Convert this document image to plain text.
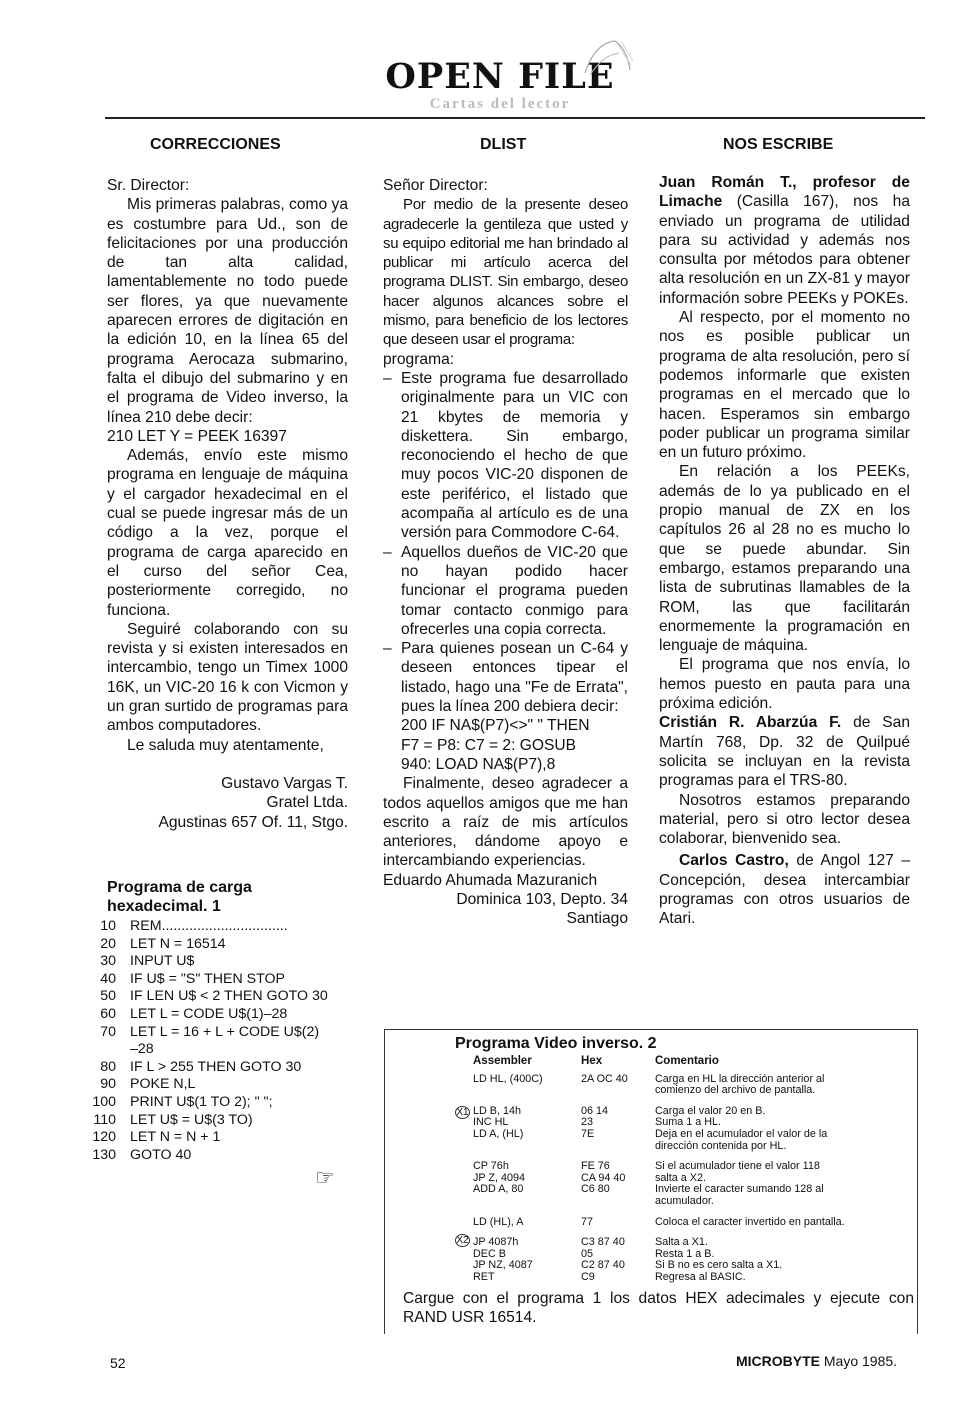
OPEN FILE
Cartas del lector
CORRECCIONES

Sr. Director:

Mis primeras palabras, como ya es costumbre para Ud., son de felicitaciones por una producción de tan alta calidad, lamentablemente no todo puede ser flores, ya que nuevamente aparecen errores de digitación en la edición 10, en la línea 65 del programa Aerocaza submarino, falta el dibujo del submarino y en el programa de Video inverso, la línea 210 debe decir:

210 LET Y = PEEK 16397

Además, envío este mismo programa en lenguaje de máquina y el cargador hexadecimal en el cual se puede ingresar más de un código a la vez, porque el programa de carga aparecido en el curso del señor Cea, posteriormente corregido, no funciona.

Seguiré colaborando con su revista y si existen interesados en intercambio, tengo un Timex 1000 16K, un VIC-20 16 k con Vicmon y un gran surtido de programas para ambos computadores.

Le saluda muy atentamente,

Gustavo Vargas T.

Gratel Ltda.

Agustinas 657 Of. 11, Stgo.

Programa de carga hexadecimal. 1
10 REM................................
20 LET N = 16514
30 INPUT U$
40 IF U$ = "S" THEN STOP
50 IF LEN U$ < 2 THEN GOTO 30
60 LET L = CODE U$(1)–28
70 LET L = 16 + L + CODE U$(2)
–28
80 IF L > 255 THEN GOTO 30
90 POKE N,L
100 PRINT U$(1 TO 2); " ";
110 LET U$ = U$(3 TO)
120 LET N = N + 1
130 GOTO 40
☞
DLIST

Señor Director:

Por medio de la presente deseo agradecerle la gentileza que usted y su equipo editorial me han brindado al publicar mi artículo acerca del programa DLIST. Sin embargo, deseo hacer algunos alcances sobre el mismo, para beneficio de los lectores que deseen usar el programa:

programa:

– Este programa fue desarrollado originalmente para un VIC con 21 kbytes de memoria y diskettera. Sin embargo, reconociendo el hecho de que muy pocos VIC-20 disponen de este periférico, el listado que acompaña al artículo es de una versión para Commodore C-64.
– Aquellos dueños de VIC-20 que no hayan podido hacer funcionar el programa pueden tomar contacto conmigo para ofrecerles una copia correcta.
– Para quienes posean un C-64 y deseen entonces tipear el listado, hago una "Fe de Errata", pues la línea 200 debiera decir:

200 IF NA$(P7)<>" " THEN

F7 = P8: C7 = 2: GOSUB

940: LOAD NA$(P7),8

Finalmente, deseo agradecer a todos aquellos amigos que me han escrito a raíz de mis artículos anteriores, dándome apoyo e intercambiando experiencias.

Eduardo Ahumada Mazuranich

Dominica 103, Depto. 34

Santiago

NOS ESCRIBE

Juan Román T., profesor de Limache (Casilla 167), nos ha enviado un programa de utilidad para su actividad y además nos consulta por métodos para obtener alta resolución en un ZX-81 y mayor información sobre PEEKs y POKEs.

Al respecto, por el momento no nos es posible publicar un programa de alta resolución, pero sí podemos informarle que existen programas en el mercado que lo hacen. Esperamos sin embargo poder publicar un programa similar en un futuro próximo.

En relación a los PEEKs, además de lo ya publicado en el propio manual de ZX en los capítulos 26 al 28 no es mucho lo que se puede abundar. Sin embargo, estamos preparando una lista de subrutinas llamables de la ROM, las que facilitarán enormemente la programación en lenguaje de máquina.

El programa que nos envía, lo hemos puesto en pauta para una próxima edición.

Cristián R. Abarzúa F. de San Martín 768, Dp. 32 de Quilpué solicita se incluyan en la revista programas para el TRS-80.

Nosotros estamos preparando material, pero si otro lector desea colaborar, bienvenido sea.

Carlos Castro, de Angol 127 – Concepción, desea intercambiar programas con otros usuarios de Atari.

Programa Video inverso. 2
X1
X2
Assembler	Hex	Comentario
LD HL, (400C)	2A OC 40	Carga en HL la dirección anterior al comienzo del archivo de pantalla.

LD B, 14h	06 14	Carga el valor 20 en B.
INC HL	23	Suma 1 a HL.
LD A, (HL)	7E	Deja en el acumulador el valor de la dirección contenida por HL.

CP 76h	FE 76	Si el acumulador tiene el valor 118
JP Z, 4094	CA 94 40	salta a X2.
ADD A, 80	C6 80	Invierte el caracter sumando 128 al acumulador.

LD (HL), A	77	Coloca el caracter invertido en pantalla.

JP 4087h	C3 87 40	Salta a X1.
DEC B	05	Resta 1 a B.
JP NZ, 4087	C2 87 40	Si B no es cero salta a X1.
RET	C9	Regresa al BASIC.
Cargue con el programa 1 los datos HEX adecimales y ejecute con RAND USR 16514.
52	MICROBYTE Mayo 1985.
